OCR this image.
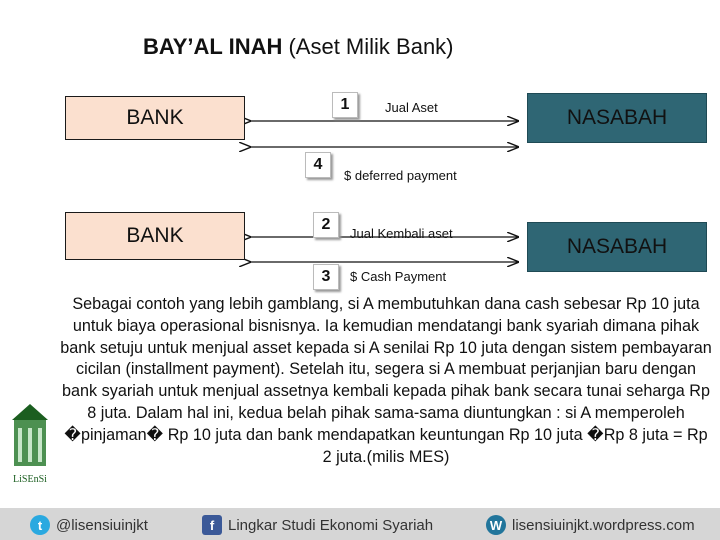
BAY’AL INAH (Aset Milik Bank)
BANK	NASABAH
1	Jual Aset
4
$ deferred payment
BANK	NASABAH
2
Jual Kembali aset
3	$ Cash Payment
LiSEnSi
Sebagai contoh yang lebih gamblang, si A membutuhkan dana cash sebesar Rp 10 juta untuk biaya operasional bisnisnya. Ia kemudian mendatangi bank syariah dimana pihak bank setuju untuk menjual asset kepada si A senilai Rp 10 juta dengan sistem pembayaran cicilan (installment payment). Setelah itu, segera si A membuat perjanjian baru dengan bank syariah untuk menjual assetnya kembali kepada pihak bank secara tunai seharga Rp 8 juta. Dalam hal ini, kedua belah pihak sama-sama diuntungkan : si A memperoleh �pinjaman� Rp 10 juta dan bank mendapatkan keuntungan Rp 10 juta �Rp 8 juta = Rp 2 juta.(milis MES)
t @lisensiuinjkt	f Lingkar Studi Ekonomi Syariah	W lisensiuinjkt.wordpress.com
